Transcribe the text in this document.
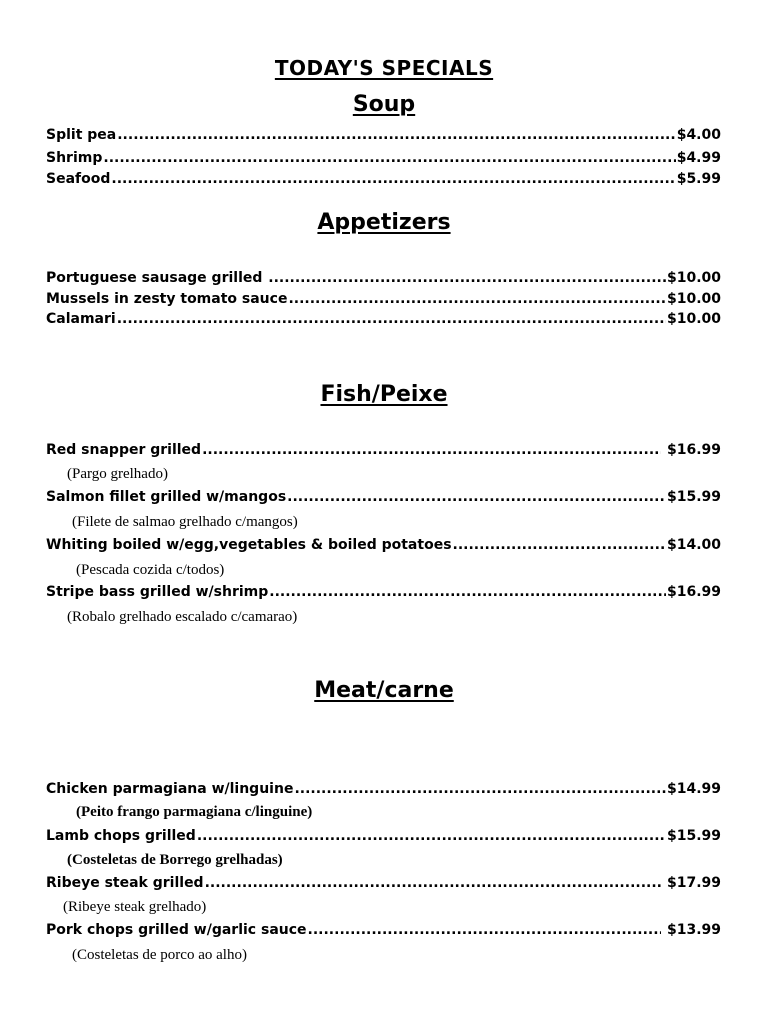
TODAY'S SPECIALS
Soup
Split pea .....	$4.00
Shrimp .....	$4.99
Seafood .....	$5.99
Appetizers
Portuguese sausage grilled .....	$10.00
Mussels in zesty tomato sauce .....	$10.00
Calamari .....	$10.00
Fish/Peixe
Red snapper grilled .....	$16.99
(Pargo grelhado)
Salmon fillet grilled w/mangos .....	$15.99
(Filete de salmao grelhado c/mangos)
Whiting boiled w/egg,vegetables & boiled potatoes .....	$14.00
(Pescada cozida c/todos)
Stripe bass grilled w/shrimp .....	$16.99
(Robalo grelhado escalado c/camarao)
Meat/carne
Chicken parmagiana w/linguine .....	$14.99
(Peito frango parmagiana c/linguine)
Lamb chops grilled .....	$15.99
(Costeletas de Borrego grelhadas)
Ribeye steak grilled .....	$17.99
(Ribeye steak grelhado)
Pork chops grilled w/garlic sauce .....	$13.99
(Costeletas de porco ao alho)
